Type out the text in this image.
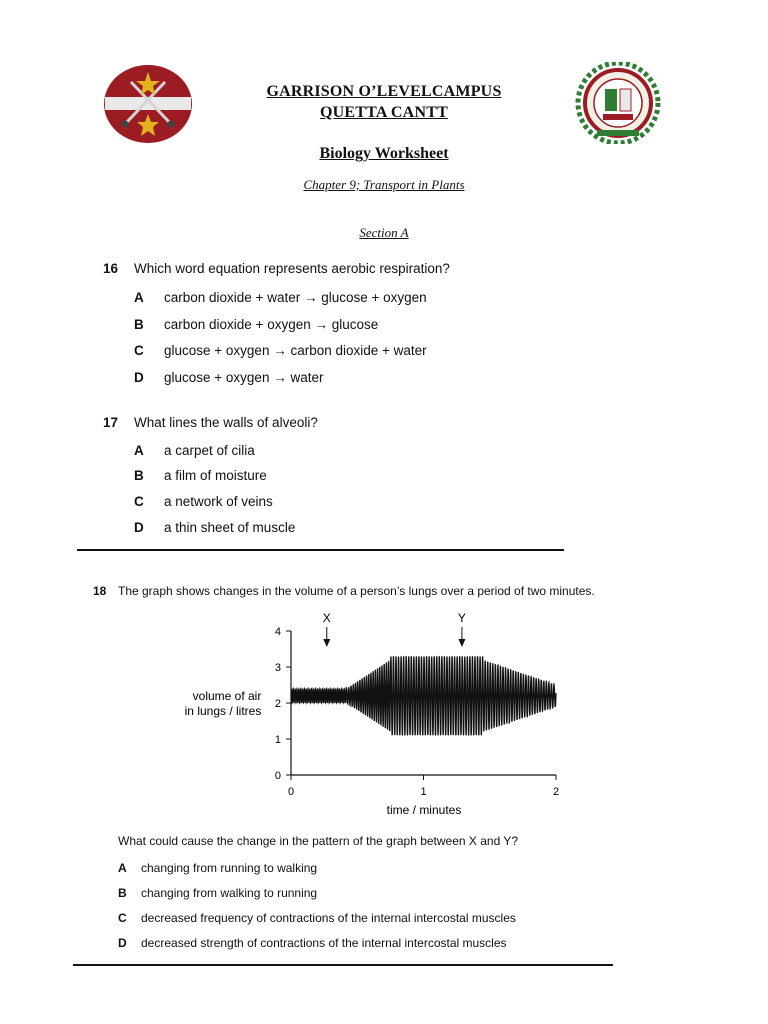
GARRISON O’LEVELCAMPUS
QUETTA CANTT
Biology Worksheet
Chapter 9; Transport in Plants
Section A
16 Which word equation represents aerobic respiration?
A carbon dioxide + water → glucose + oxygen
B carbon dioxide + oxygen → glucose
C glucose + oxygen → carbon dioxide + water
D glucose + oxygen → water
17 What lines the walls of alveoli?
A a carpet of cilia
B a film of moisture
C a network of veins
D a thin sheet of muscle
18 The graph shows changes in the volume of a person’s lungs over a period of two minutes.
volume of air
in lungs / litres
time / minutes
0
1
2
3
4
0	1	2
X	Y
What could cause the change in the pattern of the graph between X and Y?
A changing from running to walking
B changing from walking to running
C decreased frequency of contractions of the internal intercostal muscles
D decreased strength of contractions of the internal intercostal muscles
